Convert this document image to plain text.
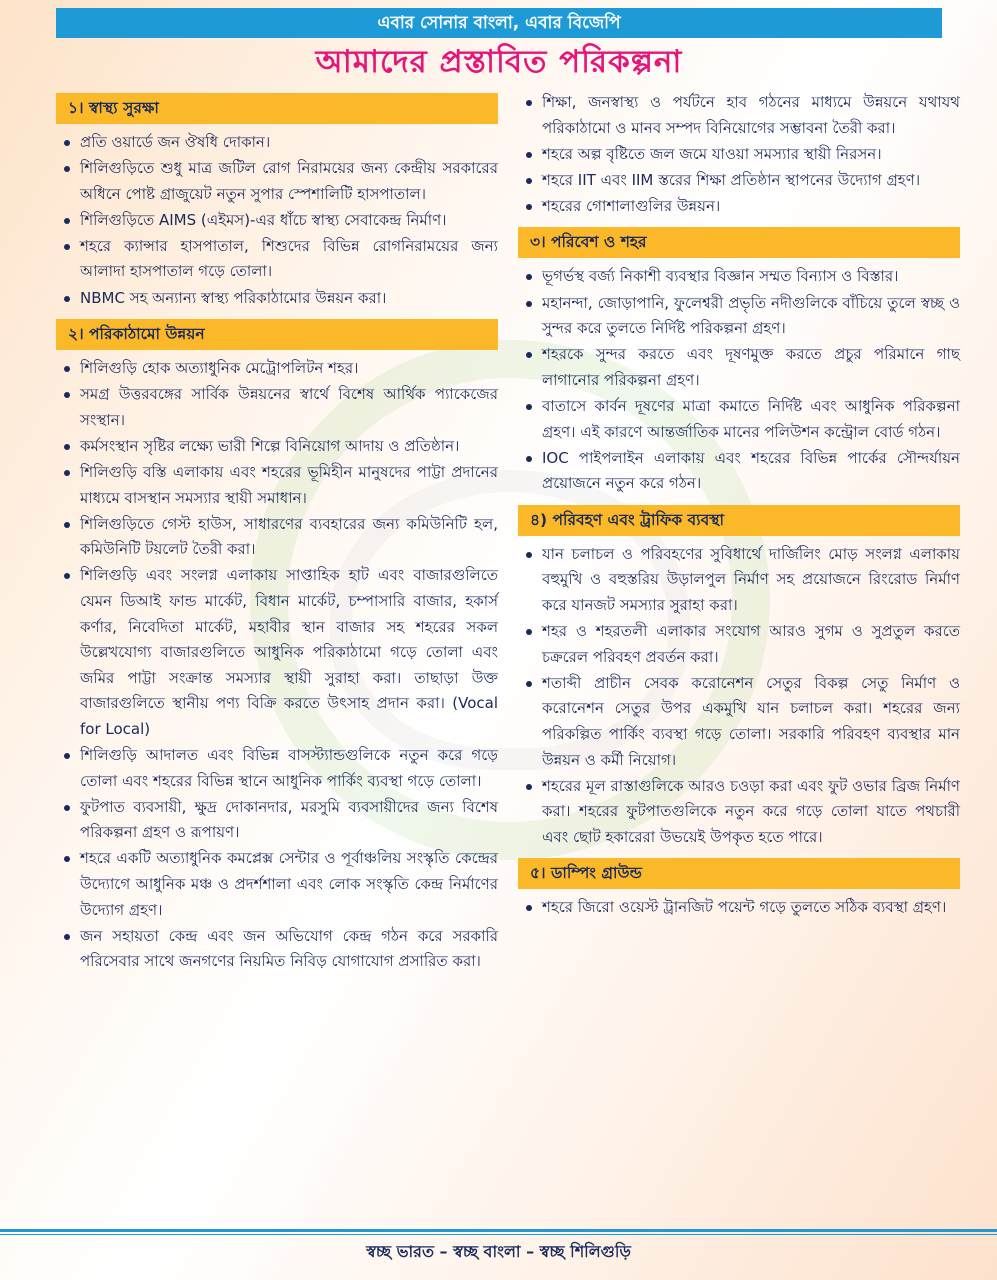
এবার সোনার বাংলা, এবার বিজেপি
আমাদের প্রস্তাবিত পরিকল্পনা
১। স্বাস্থ্য সুরক্ষা
প্রতি ওয়ার্ডে জন ঔষধি দোকান।
শিলিগুড়িতে শুধু মাত্র জটিল রোগ নিরাময়ের জন্য কেন্দ্রীয় সরকারের অধিনে পোষ্ট গ্রাজুয়েট নতুন সুপার স্পেশালিটি হাসপাতাল।
শিলিগুড়িতে AIMS (এইমস)-এর ধাঁচে স্বাস্থ্য সেবাকেন্দ্র নির্মাণ।
শহরে ক্যান্সার হাসপাতাল, শিশুদের বিভিন্ন রোগনিরাময়ের জন্য আলাদা হাসপাতাল গড়ে তোলা।
NBMC সহ অন্যান্য স্বাস্থ্য পরিকাঠামোর উন্নয়ন করা।
২। পরিকাঠামো উন্নয়ন
শিলিগুড়ি হোক অত্যাধুনিক মেট্রোপলিটন শহর।
সমগ্র উত্তরবঙ্গের সার্বিক উন্নয়নের স্বার্থে বিশেষ আর্থিক প্যাকেজের সংস্থান।
কর্মসংস্থান সৃষ্টির লক্ষ্যে ভারী শিল্পে বিনিয়োগ আদায় ও প্রতিষ্ঠান।
শিলিগুড়ি বস্তি এলাকায় এবং শহরের ভূমিহীন মানুষদের পাট্টা প্রদানের মাধ্যমে বাসস্থান সমস্যার স্থায়ী সমাধান।
শিলিগুড়িতে গেস্ট হাউস, সাধারণের ব্যবহারের জন্য কমিউনিটি হল, কমিউনিটি টয়লেট তৈরী করা।
শিলিগুড়ি এবং সংলগ্ন এলাকায় সাপ্তাহিক হাট এবং বাজারগুলিতে যেমন ডিআই ফান্ড মার্কেট, বিধান মার্কেট, চম্পাসারি বাজার, হকার্স কর্ণার, নিবেদিতা মার্কেট, মহাবীর স্থান বাজার সহ শহরের সকল উল্লেখযোগ্য বাজারগুলিতে আধুনিক পরিকাঠামো গড়ে তোলা এবং জমির পাট্টা সংক্রান্ত সমস্যার স্থায়ী সুরাহা করা। তাছাড়া উক্ত বাজারগুলিতে স্থানীয় পণ্য বিক্রি করতে উৎসাহ প্রদান করা। (Vocal for Local)
শিলিগুড়ি আদালত এবং বিভিন্ন বাসস্ট্যান্ডগুলিকে নতুন করে গড়ে তোলা এবং শহরের বিভিন্ন স্থানে আধুনিক পার্কিং ব্যবস্থা গড়ে তোলা।
ফুটপাত ব্যবসায়ী, ক্ষুদ্র দোকানদার, মরসুমি ব্যবসায়ীদের জন্য বিশেষ পরিকল্পনা গ্রহণ ও রূপায়ণ।
শহরে একটি অত্যাধুনিক কমপ্লেক্স সেন্টার ও পূর্বাঞ্চলিয় সংস্কৃতি কেন্দ্রের উদ্যোগে আধুনিক মঞ্চ ও প্রদর্শশালা এবং লোক সংস্কৃতি কেন্দ্র নির্মাণের উদ্যোগ গ্রহণ।
জন সহায়তা কেন্দ্র এবং জন অভিযোগ কেন্দ্র গঠন করে সরকারি পরিসেবার সাথে জনগণের নিয়মিত নিবিড় যোগাযোগ প্রসারিত করা।
শিক্ষা, জনস্বাস্থ্য ও পর্যটনে হাব গঠনের মাধ্যমে উন্নয়নে যথাযথ পরিকাঠামো ও মানব সম্পদ বিনিয়োগের সম্ভাবনা তৈরী করা।
শহরে অল্প বৃষ্টিতে জল জমে যাওয়া সমস্যার স্থায়ী নিরসন।
শহরে IIT এবং IIM স্তরের শিক্ষা প্রতিষ্ঠান স্থাপনের উদ্যোগ গ্রহণ।
শহরের গোশালাগুলির উন্নয়ন।
৩। পরিবেশ ও শহর
ভূগর্ভস্থ বর্জ্য নিকাশী ব্যবস্থার বিজ্ঞান সম্মত বিন্যাস ও বিস্তার।
মহানন্দা, জোড়াপানি, ফুলেশ্বরী প্রভৃতি নদীগুলিকে বাঁচিয়ে তুলে স্বচ্ছ ও সুন্দর করে তুলতে নির্দিষ্ট পরিকল্পনা গ্রহণ।
শহরকে সুন্দর করতে এবং দূষণমুক্ত করতে প্রচুর পরিমানে গাছ লাগানোর পরিকল্পনা গ্রহণ।
বাতাসে কার্বন দূষণের মাত্রা কমাতে নির্দিষ্ট এবং আধুনিক পরিকল্পনা গ্রহণ। এই কারণে আন্তর্জাতিক মানের পলিউশন কন্ট্রোল বোর্ড গঠন।
IOC পাইপলাইন এলাকায় এবং শহরের বিভিন্ন পার্কের সৌন্দর্যায়ন প্রয়োজনে নতুন করে গঠন।
৪) পরিবহণ এবং ট্রাফিক ব্যবস্থা
যান চলাচল ও পরিবহণের সুবিধার্থে দার্জিলিং মোড় সংলগ্ন এলাকায় বহুমুখি ও বহুস্তরিয় উড়ালপুল নির্মাণ সহ প্রয়োজনে রিংরোড নির্মাণ করে যানজট সমস্যার সুরাহা করা।
শহর ও শহরতলী এলাকার সংযোগ আরও সুগম ও সুপ্রতুল করতে চক্ররেল পরিবহণ প্রবর্তন করা।
শতাব্দী প্রাচীন সেবক করোনেশন সেতুর বিকল্প সেতু নির্মাণ ও করোনেশন সেতুর উপর একমুখি যান চলাচল করা। শহরের জন্য পরিকল্পিত পার্কিং ব্যবস্থা গড়ে তোলা। সরকারি পরিবহণ ব্যবস্থার মান উন্নয়ন ও কর্মী নিয়োগ।
শহরের মূল রাস্তাগুলিকে আরও চওড়া করা এবং ফুট ওভার ব্রিজ নির্মাণ করা। শহরের ফুটপাতগুলিকে নতুন করে গড়ে তোলা যাতে পথচারী এবং ছোট হকারেরা উভয়েই উপকৃত হতে পারে।
৫। ডাম্পিং গ্রাউন্ড
শহরে জিরো ওয়েস্ট ট্রানজিট পয়েন্ট গড়ে তুলতে সঠিক ব্যবস্থা গ্রহণ।
স্বচ্ছ ভারত – স্বচ্ছ বাংলা – স্বচ্ছ শিলিগুড়ি
